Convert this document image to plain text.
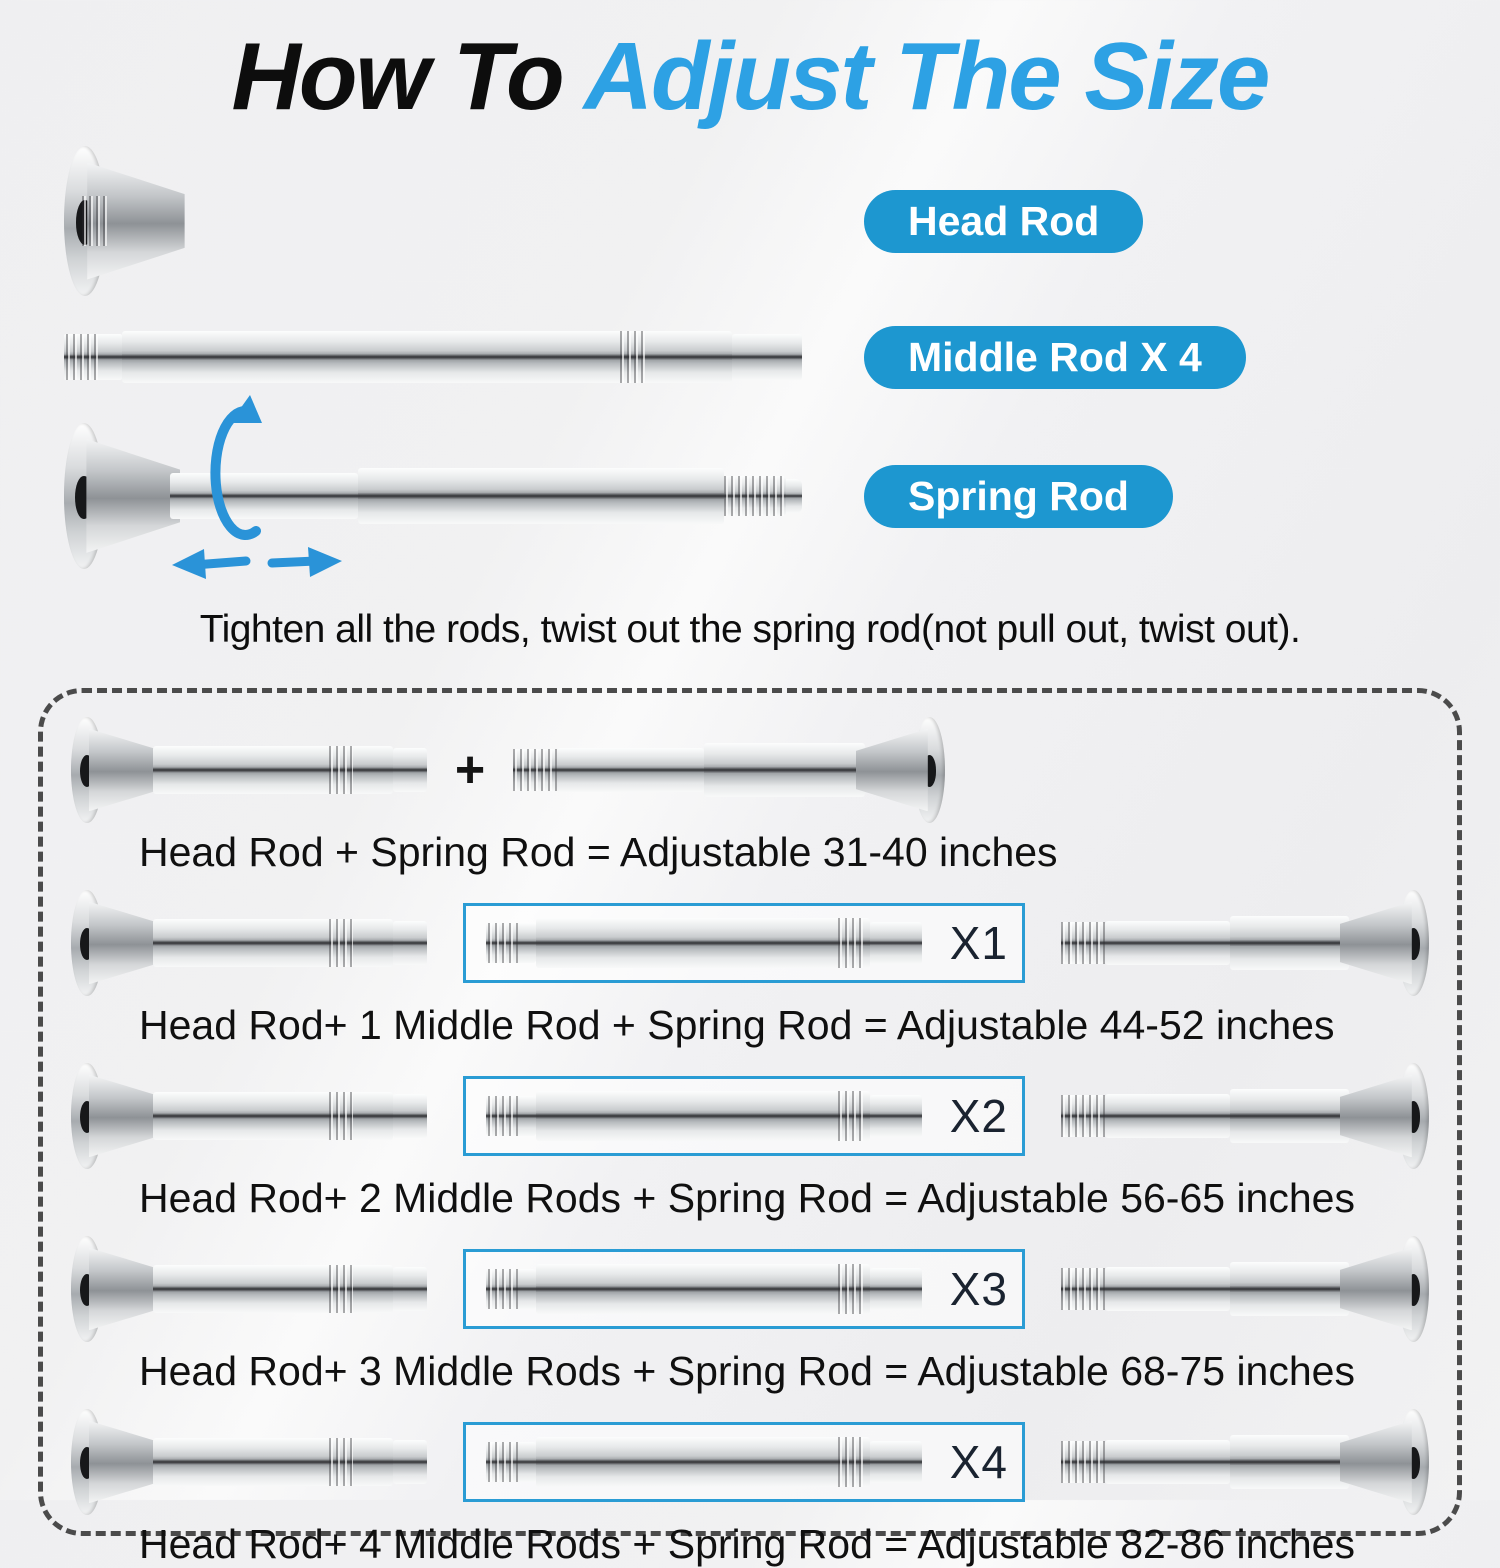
How To Adjust The Size
Head Rod
Middle Rod X 4
Spring Rod

Tighten all the rods, twist out the spring rod(not pull out, twist out).

+
Head Rod + Spring Rod = Adjustable 31-40 inches
X1
Head Rod+ 1 Middle Rod + Spring Rod = Adjustable 44-52 inches
X2
Head Rod+ 2 Middle Rods + Spring Rod = Adjustable 56-65 inches
X3
Head Rod+ 3 Middle Rods + Spring Rod = Adjustable 68-75 inches
X4
Head Rod+ 4 Middle Rods + Spring Rod = Adjustable 82-86 inches
